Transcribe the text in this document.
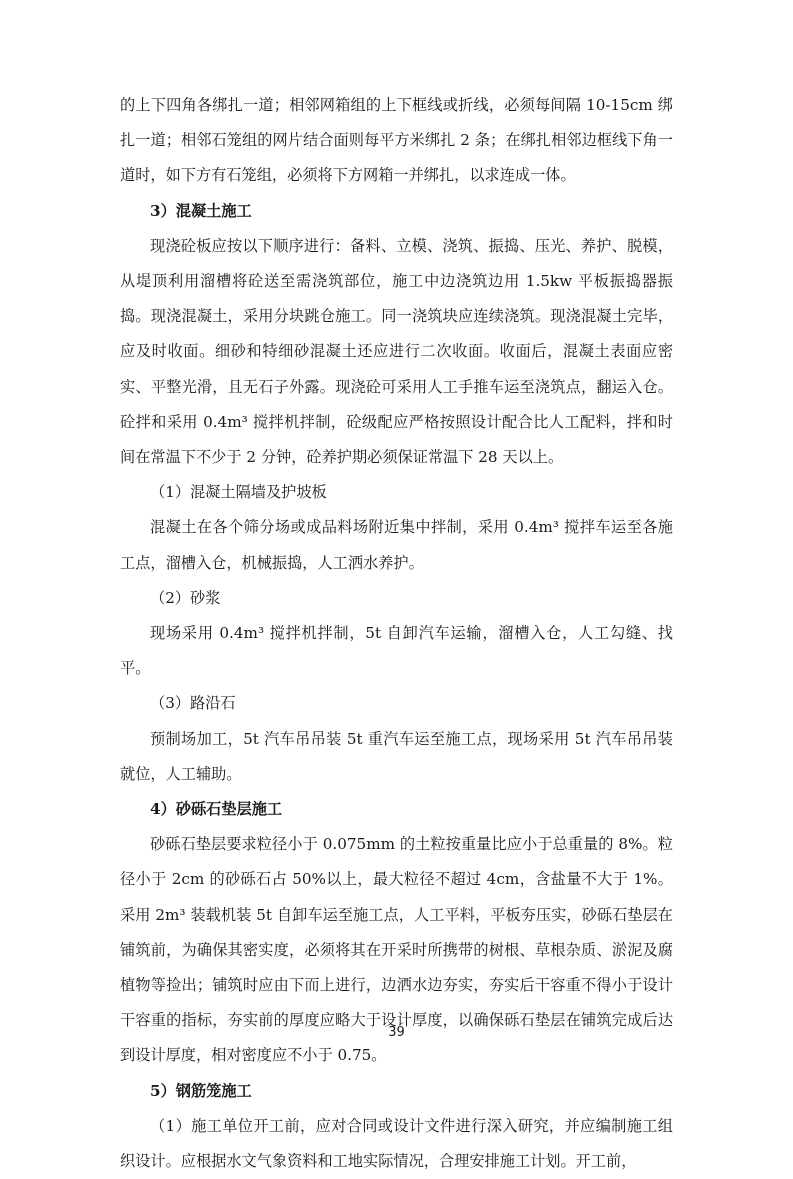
的上下四角各绑扎一道；相邻网箱组的上下框线或折线，必须每间隔 10-15cm 绑扎一道；相邻石笼组的网片结合面则每平方米绑扎 2 条；在绑扎相邻边框线下角一道时，如下方有石笼组，必须将下方网箱一并绑扎，以求连成一体。

3）混凝土施工

现浇砼板应按以下顺序进行：备料、立模、浇筑、振捣、压光、养护、脱模，从堤顶利用溜槽将砼送至需浇筑部位，施工中边浇筑边用 1.5kw 平板振捣器振捣。现浇混凝土，采用分块跳仓施工。同一浇筑块应连续浇筑。现浇混凝土完毕，应及时收面。细砂和特细砂混凝土还应进行二次收面。收面后，混凝土表面应密实、平整光滑，且无石子外露。现浇砼可采用人工手推车运至浇筑点，翻运入仓。砼拌和采用 0.4m³ 搅拌机拌制，砼级配应严格按照设计配合比人工配料，拌和时间在常温下不少于 2 分钟，砼养护期必须保证常温下 28 天以上。

（1）混凝土隔墙及护坡板

混凝土在各个筛分场或成品料场附近集中拌制，采用 0.4m³ 搅拌车运至各施工点，溜槽入仓，机械振捣，人工洒水养护。

（2）砂浆

现场采用 0.4m³ 搅拌机拌制，5t 自卸汽车运输，溜槽入仓，人工勾缝、找平。

（3）路沿石

预制场加工，5t 汽车吊吊装 5t 重汽车运至施工点，现场采用 5t 汽车吊吊装就位，人工辅助。

4）砂砾石垫层施工

砂砾石垫层要求粒径小于 0.075mm 的土粒按重量比应小于总重量的 8%。粒径小于 2cm 的砂砾石占 50%以上，最大粒径不超过 4cm，含盐量不大于 1%。采用 2m³ 装载机装 5t 自卸车运至施工点，人工平料，平板夯压实，砂砾石垫层在铺筑前，为确保其密实度，必须将其在开采时所携带的树根、草根杂质、淤泥及腐植物等捡出；铺筑时应由下而上进行，边洒水边夯实，夯实后干容重不得小于设计干容重的指标，夯实前的厚度应略大于设计厚度，以确保砾石垫层在铺筑完成后达到设计厚度，相对密度应不小于 0.75。

5）钢筋笼施工

（1）施工单位开工前，应对合同或设计文件进行深入研究，并应编制施工组织设计。应根据水文气象资料和工地实际情况，合理安排施工计划。开工前，

39
